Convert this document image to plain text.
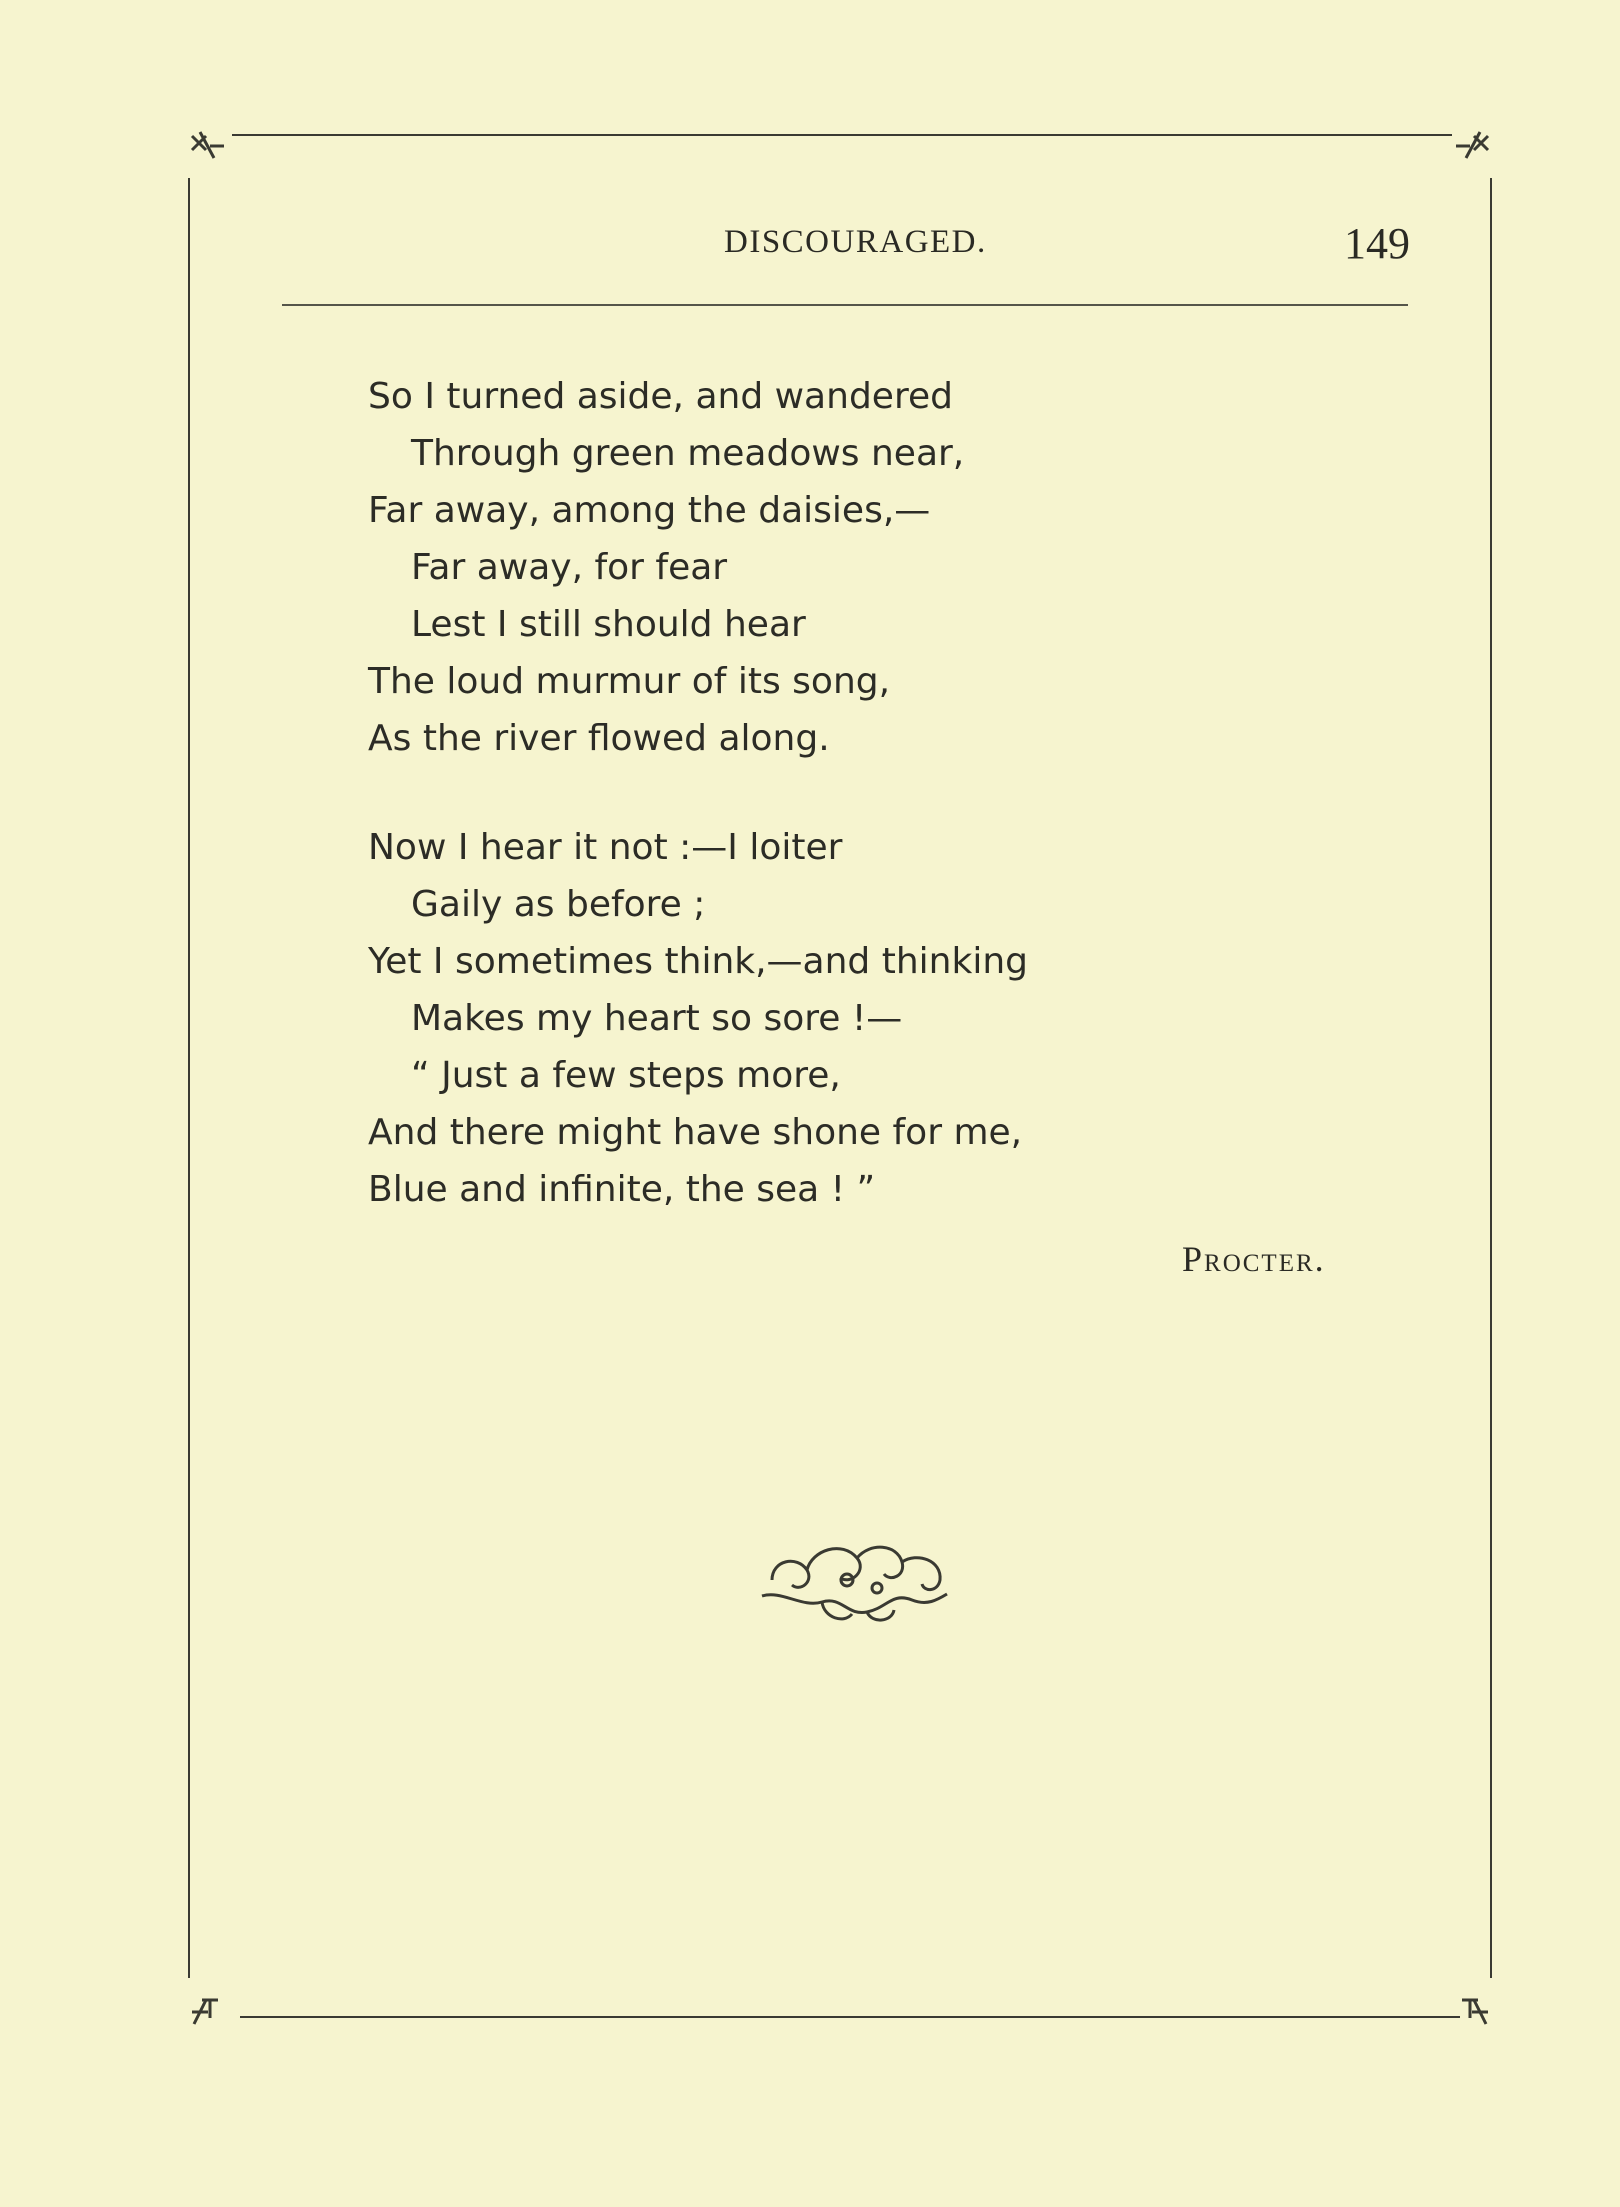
DISCOURAGED.	149
So I turned aside, and wandered
Through green meadows near,
Far away, among the daisies,—
Far away, for fear
Lest I still should hear
The loud murmur of its song,
As the river flowed along.
Now I hear it not :—I loiter
Gaily as before ;
Yet I sometimes think,—and thinking
Makes my heart so sore !—
“ Just a few steps more,
And there might have shone for me,
Blue and infinite, the sea ! ”
Procter.
